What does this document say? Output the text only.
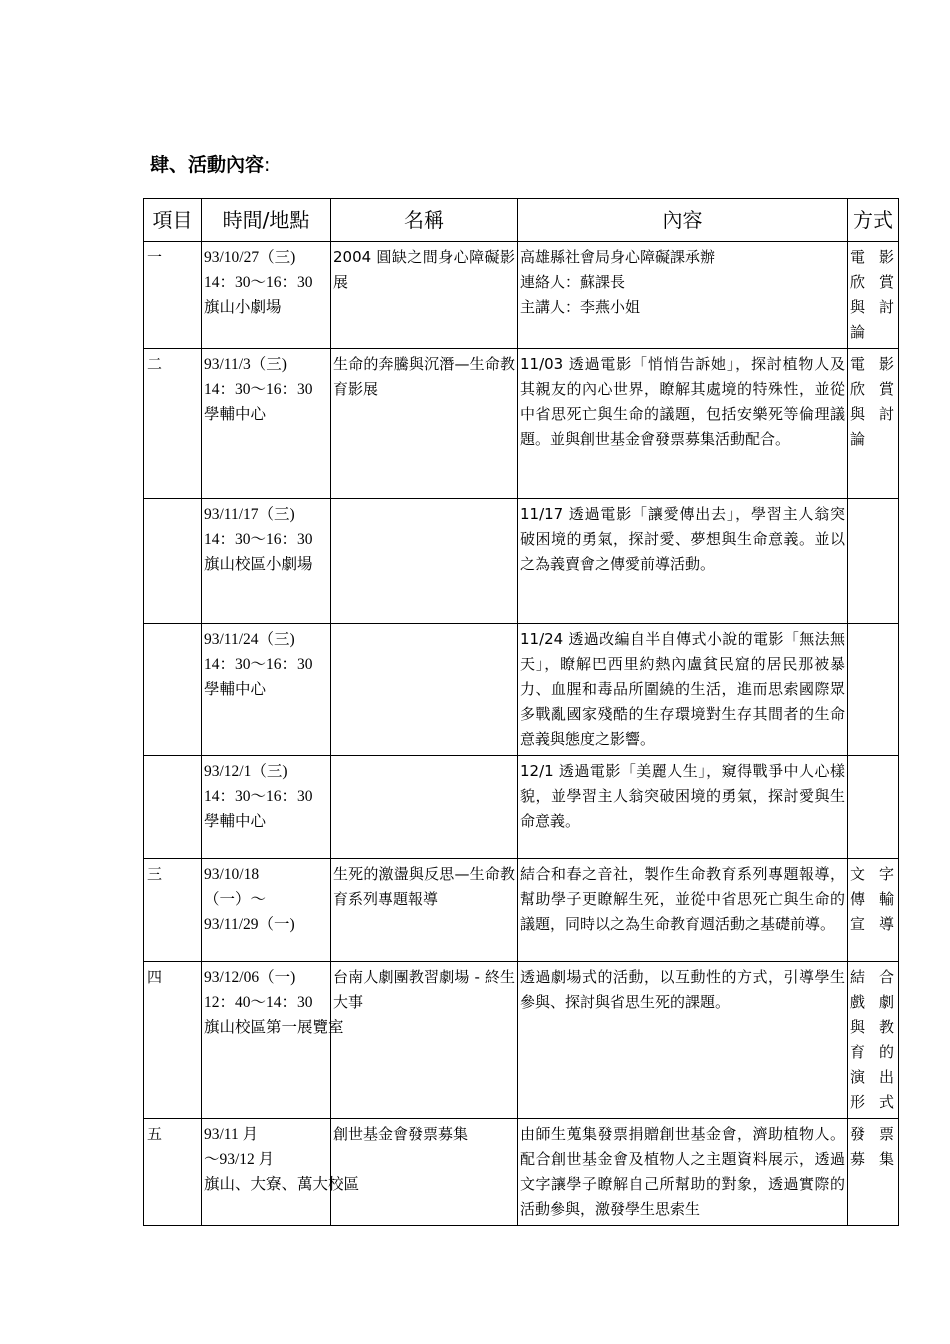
肆、活動內容:
項目	時間/地點	名稱	內容	方式
一	93/10/27（三)
14：30～16：30
旗山小劇場	2004 圓缺之間身心障礙影展	高雄縣社會局身心障礙課承辦
連絡人：蘇課長
主講人：李燕小姐	電影欣賞與討論

二	93/11/3（三)
14：30～16：30
學輔中心	生命的奔騰與沉潛—生命教育影展	11/03 透過電影「悄悄告訴她」，探討植物人及其親友的內心世界，瞭解其處境的特殊性，並從中省思死亡與生命的議題，包括安樂死等倫理議題。並與創世基金會發票募集活動配合。	電影欣賞與討論

	93/11/17（三)
14：30～16：30
旗山校區小劇場		11/17 透過電影「讓愛傳出去」，學習主人翁突破困境的勇氣，探討愛、夢想與生命意義。並以之為義賣會之傳愛前導活動。	

	93/11/24（三)
14：30～16：30
學輔中心		11/24 透過改編自半自傳式小說的電影「無法無天」，瞭解巴西里約熱內盧貧民窟的居民那被暴力、血腥和毒品所圍繞的生活，進而思索國際眾多戰亂國家殘酷的生存環境對生存其間者的生命意義與態度之影響。	

	93/12/1（三)
14：30～16：30
學輔中心		12/1 透過電影「美麗人生」，窺得戰爭中人心樣貌，並學習主人翁突破困境的勇氣，探討愛與生命意義。	

三	93/10/18
（一）～
93/11/29（一)	生死的激盪與反思—生命教育系列專題報導	結合和春之音社，製作生命教育系列專題報導，幫助學子更瞭解生死，並從中省思死亡與生命的議題，同時以之為生命教育週活動之基礎前導。	文字傳輸宣導

四	93/12/06（一)
12：40～14：30
旗山校區第一展覽室	台南人劇團教習劇場 - 終生大事	透過劇場式的活動，以互動性的方式，引導學生參與、探討與省思生死的課題。	結合戲劇與教育的演出形式

五	93/11 月
～93/12 月
旗山、大寮、萬大校區	創世基金會發票募集	由師生蒐集發票捐贈創世基金會，濟助植物人。配合創世基金會及植物人之主題資料展示，透過文字讓學子瞭解自己所幫助的對象，透過實際的活動參與，激發學生思索生	發票募集
